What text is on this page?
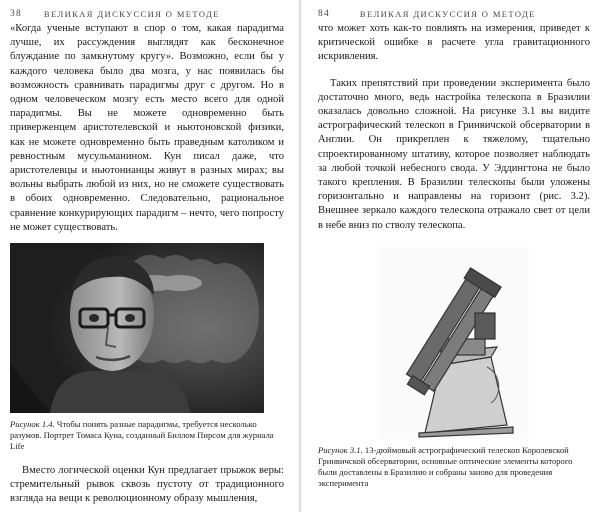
38	ВЕЛИКАЯ ДИСКУССИЯ О МЕТОДЕ

«Когда ученые вступают в спор о том, какая парадигма лучше, их рассуждения выглядят как бесконечное блуждание по замкнутому кругу». Возможно, если бы у каждого человека было два мозга, у нас появилась бы возможность сравнивать парадигмы друг с другом. Но в одном человеческом мозгу есть место всего для одной парадигмы. Вы не можете одновременно быть приверженцем аристотелевской и ньютоновской физики, как не можете одновременно быть праведным католиком и ревностным мусульманином. Кун писал даже, что аристотелевцы и ньютонианцы живут в разных мирах; вы вольны выбрать любой из них, но не сможете существовать в обоих одновременно. Следовательно, рациональное сравнение конкурирующих парадигм – нечто, чего попросту не может существовать.

Рисунок 1.4. Чтобы понять разные парадигмы, требуется несколько разумов. Портрет Томаса Куна, созданный Биллом Пирсом для журнала Life

Вместо логической оценки Кун предлагает прыжок веры: стремительный рывок сквозь пустоту от традиционного взгляда на вещи к революционному образу мышления,

84	ВЕЛИКАЯ ДИСКУССИЯ О МЕТОДЕ

что может хоть как-то повлиять на измерения, приведет к критической ошибке в расчете угла гравитационного искривления.

Таких препятствий при проведении эксперимента было достаточно много, ведь настройка телескопа в Бразилии оказалась довольно сложной. На рисунке 3.1 вы видите астрографический телескоп в Гринвичской обсерватории в Англии. Он прикреплен к тяжелому, тщательно спроектированному штативу, которое позволяет наблюдать за любой точкой небесного свода. У Эддингтона не было такого крепления. В Бразилии телескопы были уложены горизонтально и направлены на горизонт (рис. 3.2). Внешнее зеркало каждого телескопа отражало свет от цели в небе вниз по стволу телескопа.

Рисунок 3.1. 13-дюймовый астрографический телескоп Королевской Гринвичской обсерватории, основные оптические элементы которого были доставлены в Бразилию и собраны заново для проведения эксперимента
